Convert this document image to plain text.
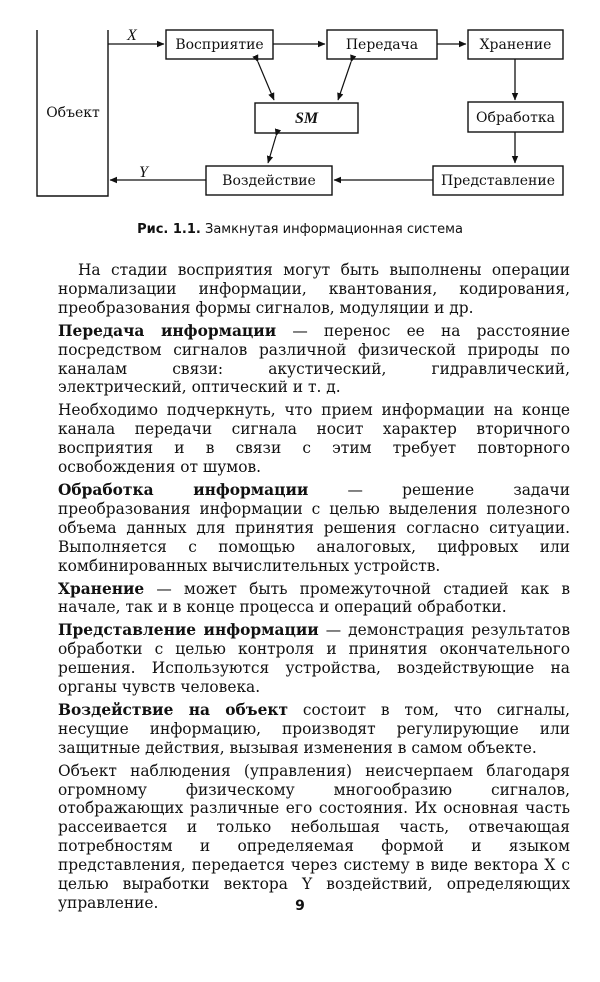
Объект
X
Восприятие	Передача	Хранение
SM	Обработка
Воздействие	Представление
Y
Рис. 1.1. Замкнутая информационная система

На стадии восприятия могут быть выполнены операции нормализации информации, квантования, кодирования, преобразования формы сигналов, модуляции и др.

Передача информации — перенос ее на расстояние посредством сигналов различной физической природы по каналам связи: акустический, гидравлический, электрический, оптический и т. д.

Необходимо подчеркнуть, что прием информации на конце канала передачи сигнала носит характер вторичного восприятия и в связи с этим требует повторного освобождения от шумов.

Обработка информации — решение задачи преобразования информации с целью выделения полезного объема данных для принятия решения согласно ситуации. Выполняется с помощью аналоговых, цифровых или комбинированных вычислительных устройств.

Хранение — может быть промежуточной стадией как в начале, так и в конце процесса и операций обработки.

Представление информации — демонстрация результатов обработки с целью контроля и принятия окончательного решения. Используются устройства, воздействующие на органы чувств человека.

Воздействие на объект состоит в том, что сигналы, несущие информацию, производят регулирующие или защитные действия, вызывая изменения в самом объекте.

Объект наблюдения (управления) неисчерпаем благодаря огромному физическому многообразию сигналов, отображающих различные его состояния. Их основная часть рассеивается и только небольшая часть, отвечающая потребностям и определяемая формой и языком представления, передается через систему в виде вектора X с целью выработки вектора Y воздействий, определяющих управление.	9
